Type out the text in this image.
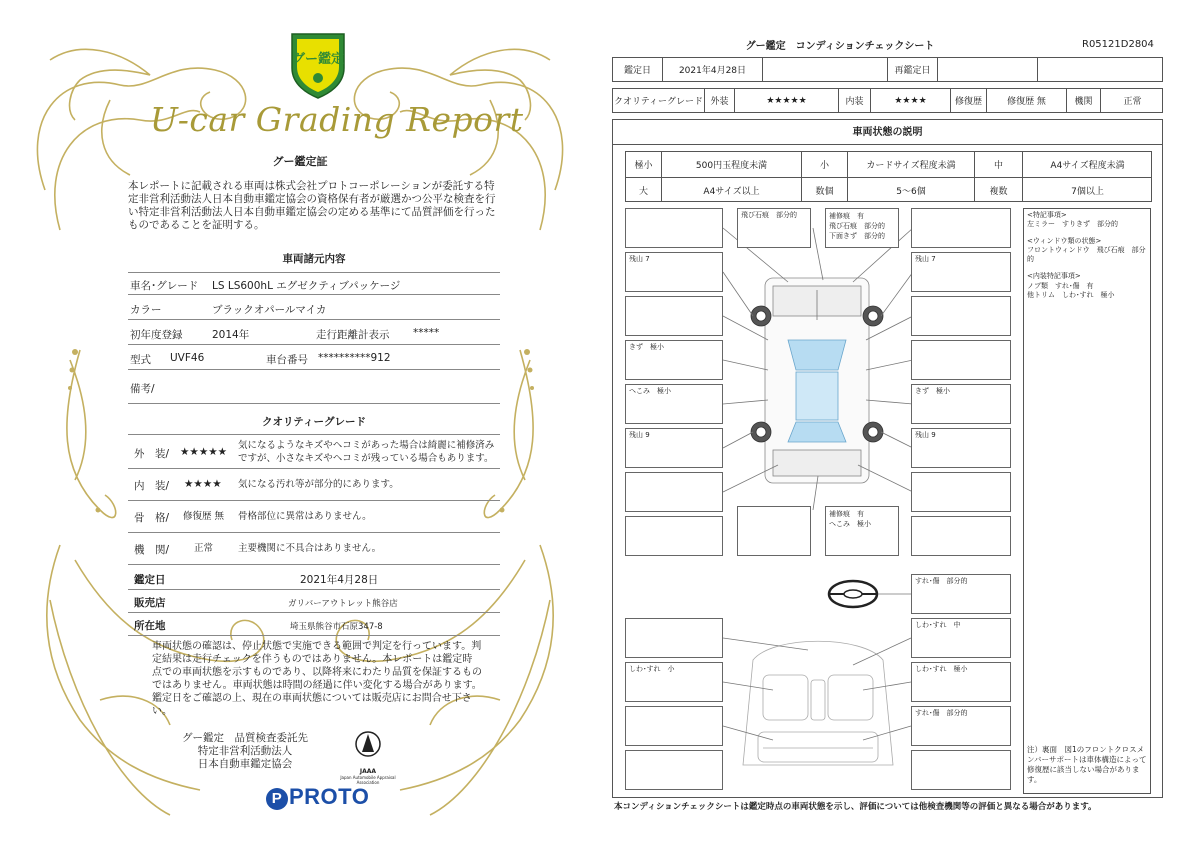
グー鑑定
U-car Grading Report
グー鑑定証
本レポートに記載される車両は株式会社プロトコーポレーションが委託する特定非営利活動法人日本自動車鑑定協会の資格保有者が厳選かつ公平な検査を行い特定非営利活動法人日本自動車鑑定協会の定める基準にて品質評価を行ったものであることを証明する。
車両諸元内容
車名･グレード LS LS600hL エグゼクティブパッケージ
カラー	ブラックオパールマイカ
初年度登録	2014年	走行距離計表示 *****
型式 UVF46	車台番号 **********912
備考/
クオリティーグレード
外　装/ ★★★★★
気になるようなキズやヘコミがあった場合は綺麗に補修済み
ですが、小さなキズやヘコミが残っている場合もあります。
内　装/ ★★★★ 気になる汚れ等が部分的にあります。
骨　格/ 修復歴 無 骨格部位に異常はありません。
機　関/	正常	主要機関に不具合はありません。
鑑定日	2021年4月28日
販売店	ガリバーアウトレット熊谷店
所在地	埼玉県熊谷市石原347-8
車両状態の確認は、停止状態で実施できる範囲で判定を行っています。判定結果は走行チェックを伴うものではありません。本レポートは鑑定時点での車両状態を示すものであり、以降将来にわたり品質を保証するものではありません。車両状態は時間の経過に伴い変化する場合があります。鑑定日をご確認の上、現在の車両状態については販売店にお問合せ下さい。
グー鑑定　品質検査委託先
特定非営利活動法人
日本自動車鑑定協会
JAAA
Japan Automobile Appraisal Association
P PROTO
グー鑑定　コンディションチェックシート	R05121D2804
鑑定日	2021年4月28日	再鑑定日
クオリティーグレード 外装	★★★★★	内装	★★★★	修復歴	修復歴 無	機関	正常
車両状態の説明
極小	500円玉程度未満	小	カードサイズ程度未満	中	A4サイズ程度未満
大	A4サイズ以上	数個	5～6個	複数	7個以上
残山 7
きず　極小
へこみ　極小
残山 9
飛び石痕　部分的	補修痕　有
飛び石痕　部分的
下面きず　部分的
残山 7
きず　極小
残山 9
補修痕　有
へこみ　極小
すれ･傷　部分的
しわ･すれ　中
しわ･すれ　小	しわ･すれ　極小
すれ･傷　部分的

<特記事項>
左ミラー　すりきず　部分的

<ウィンドウ類の状態>
フロントウィンドウ　飛び石痕　部分的

<内装特記事項>
ノブ類　すれ･傷　有
他トリム　しわ･すれ　極小

注）裏面　図1のフロントクロスメンバーサポートは車体構造によって修復歴に該当しない場合があります。
本コンディションチェックシートは鑑定時点の車両状態を示し、評価については他検査機関等の評価と異なる場合があります。
